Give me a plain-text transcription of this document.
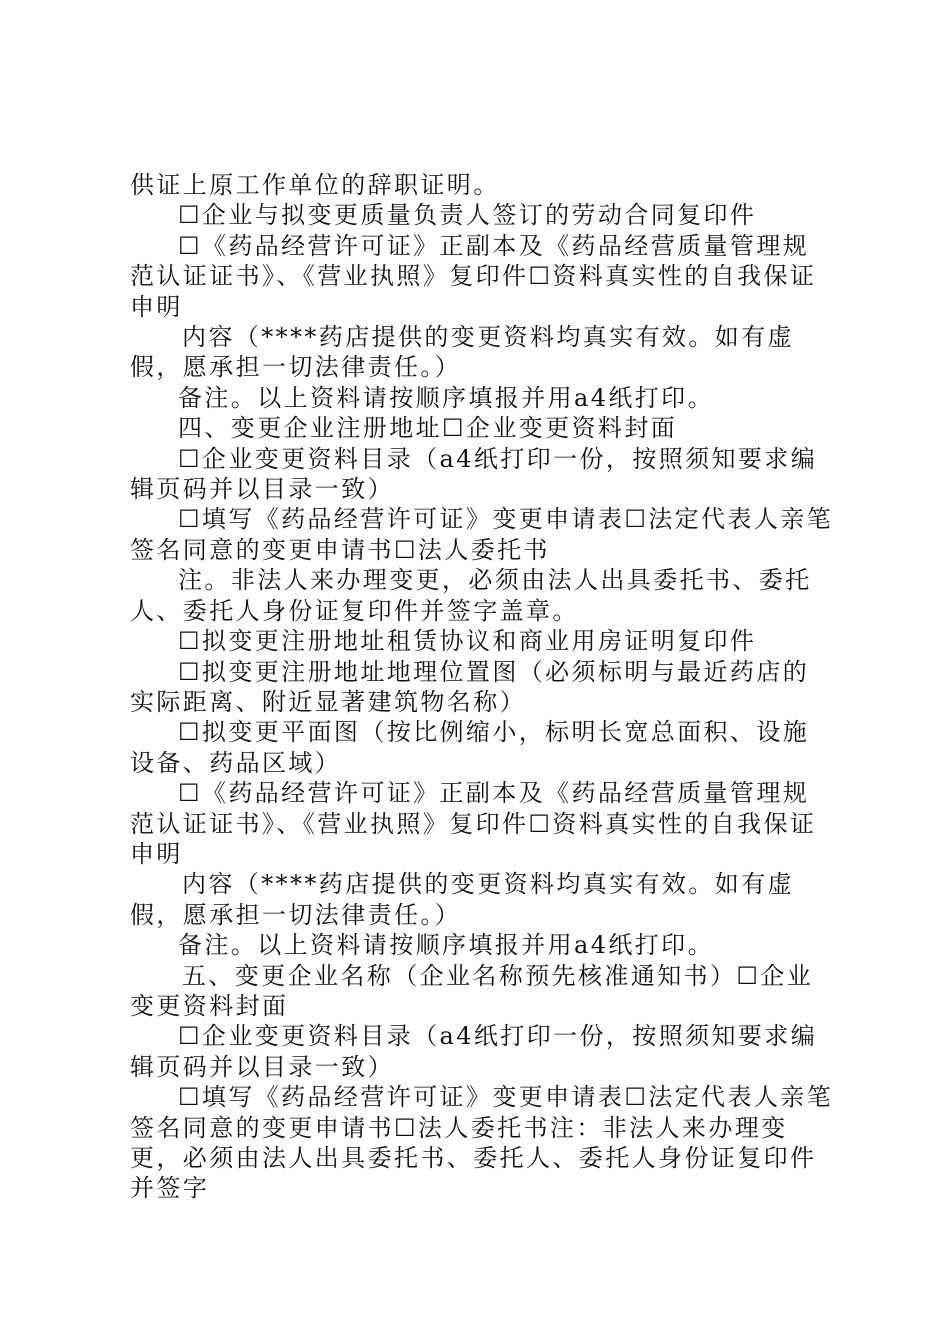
供证上原工作单位的辞职证明。

☐企业与拟变更质量负责人签订的劳动合同复印件

☐《药品经营许可证》正副本及《药品经营质量管理规范认证证书》、《营业执照》复印件☐资料真实性的自我保证申明

内容（****药店提供的变更资料均真实有效。如有虚假，愿承担一切法律责任。）

备注。以上资料请按顺序填报并用a4纸打印。

四、变更企业注册地址☐企业变更资料封面

☐企业变更资料目录（a4纸打印一份，按照须知要求编辑页码并以目录一致）

☐填写《药品经营许可证》变更申请表☐法定代表人亲笔签名同意的变更申请书☐法人委托书

注。非法人来办理变更，必须由法人出具委托书、委托人、委托人身份证复印件并签字盖章。

☐拟变更注册地址租赁协议和商业用房证明复印件

☐拟变更注册地址地理位置图（必须标明与最近药店的实际距离、附近显著建筑物名称）

☐拟变更平面图（按比例缩小，标明长宽总面积、设施设备、药品区域）

☐《药品经营许可证》正副本及《药品经营质量管理规范认证证书》、《营业执照》复印件☐资料真实性的自我保证申明

内容（****药店提供的变更资料均真实有效。如有虚假，愿承担一切法律责任。）

备注。以上资料请按顺序填报并用a4纸打印。

五、变更企业名称（企业名称预先核准通知书）☐企业变更资料封面

☐企业变更资料目录（a4纸打印一份，按照须知要求编辑页码并以目录一致）

☐填写《药品经营许可证》变更申请表☐法定代表人亲笔签名同意的变更申请书☐法人委托书注：非法人来办理变更，必须由法人出具委托书、委托人、委托人身份证复印件并签字
